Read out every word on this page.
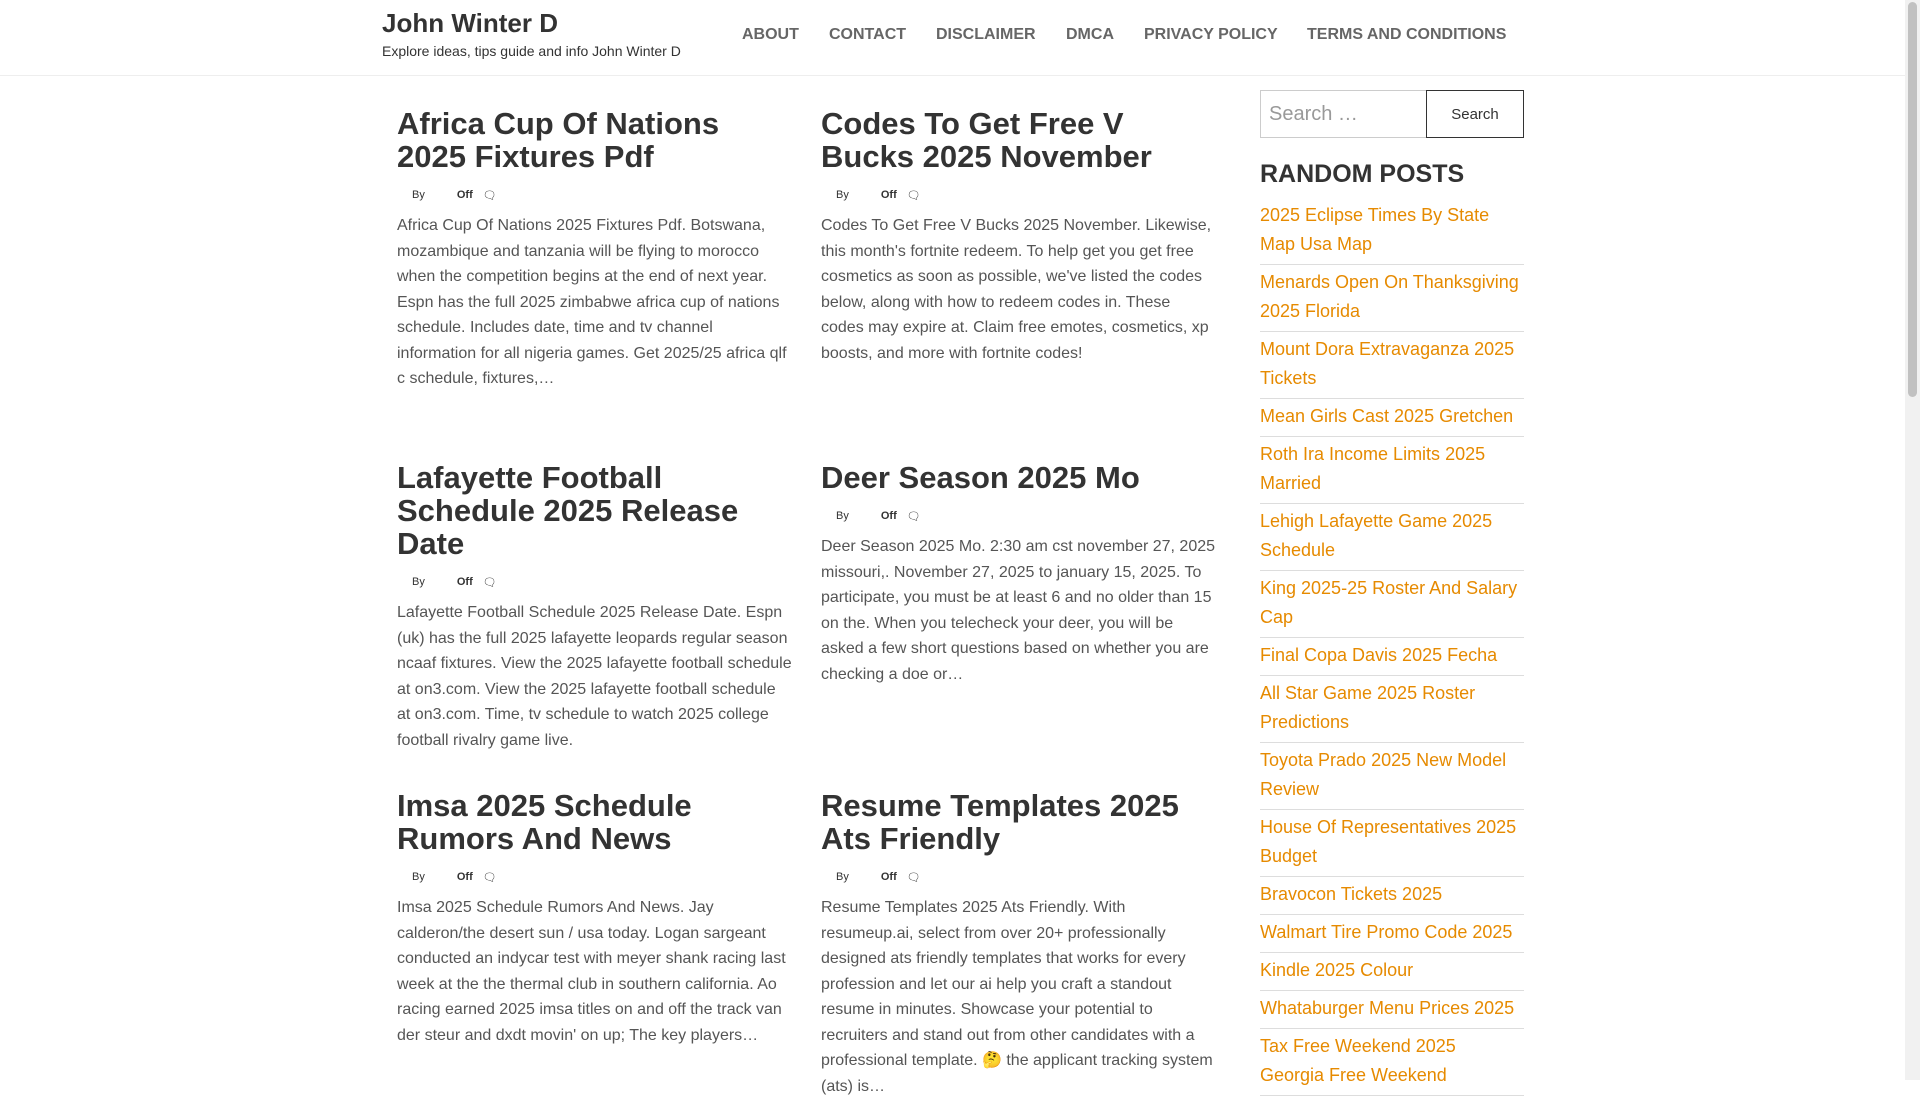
John Winter D
Explore ideas, tips guide and info John Winter D
ABOUT CONTACT DISCLAIMER DMCA PRIVACY POLICY TERMS AND CONDITIONS
Africa Cup Of Nations 2025 Fixtures Pdf
By	Off 🗨
Africa Cup Of Nations 2025 Fixtures Pdf. Botswana, mozambique and tanzania will be flying to morocco when the competition begins at the end of next year. Espn has the full 2025 zimbabwe africa cup of nations schedule. Includes date, time and tv channel information for all nigeria games. Get 2025/25 africa qlf c schedule, fixtures,…
Codes To Get Free V Bucks 2025 November
By	Off 🗨
Codes To Get Free V Bucks 2025 November. Likewise, this month's fortnite redeem. To help get you get free cosmetics as soon as possible, we've listed the codes below, along with how to redeem codes in. These codes may expire at. Claim free emotes, cosmetics, xp boosts, and more with fortnite codes!
Lafayette Football Schedule 2025 Release Date
By	Off 🗨
Lafayette Football Schedule 2025 Release Date. Espn (uk) has the full 2025 lafayette leopards regular season ncaaf fixtures. View the 2025 lafayette football schedule at on3.com. View the 2025 lafayette football schedule at on3.com. Time, tv schedule to watch 2025 college football rivalry game live.
Deer Season 2025 Mo
By	Off 🗨
Deer Season 2025 Mo. 2:30 am cst november 27, 2025 missouri,. November 27, 2025 to january 15, 2025. To participate, you must be at least 6 and no older than 15 on the. When you telecheck your deer, you will be asked a few short questions based on whether you are checking a doe or…
Imsa 2025 Schedule Rumors And News
By	Off 🗨
Imsa 2025 Schedule Rumors And News. Jay calderon/the desert sun / usa today. Logan sargeant conducted an indycar test with meyer shank racing last week at the the thermal club in southern california. Ao racing earned 2025 imsa titles on and off the track van der steur and dxdt movin' on up; The key players…
Resume Templates 2025 Ats Friendly
By	Off 🗨
Resume Templates 2025 Ats Friendly. With resumeup.ai, select from over 20+ professionally designed ats friendly templates that works for every profession and let our ai help you craft a standout resume in minutes. Showcase your potential to recruiters and stand out from other candidates with a professional template. 🤔 the applicant tracking system (ats) is…
Search …	Search
RANDOM POSTS
2025 Eclipse Times By State Map Usa Map
Menards Open On Thanksgiving 2025 Florida
Mount Dora Extravaganza 2025 Tickets
Mean Girls Cast 2025 Gretchen
Roth Ira Income Limits 2025 Married
Lehigh Lafayette Game 2025 Schedule
King 2025-25 Roster And Salary Cap
Final Copa Davis 2025 Fecha
All Star Game 2025 Roster Predictions
Toyota Prado 2025 New Model Review
House Of Representatives 2025 Budget
Bravocon Tickets 2025
Walmart Tire Promo Code 2025
Kindle 2025 Colour
Whataburger Menu Prices 2025
Tax Free Weekend 2025 Georgia Free Weekend
